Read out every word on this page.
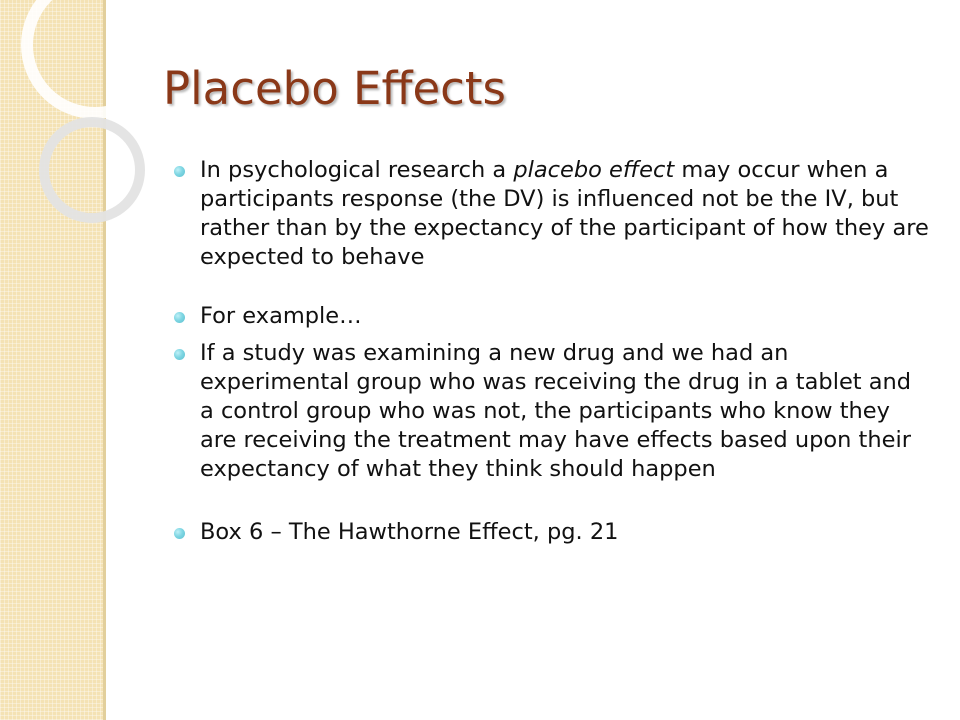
Placebo Effects
In psychological research a placebo effect may occur when a participants response (the DV) is influenced not be the IV, but rather than by the expectancy of the participant of how they are expected to behave
For example…
If a study was examining a new drug and we had an experimental group who was receiving the drug in a tablet and a control group who was not, the participants who know they are receiving the treatment may have effects based upon their expectancy of what they think should happen
Box 6 – The Hawthorne Effect, pg. 21
